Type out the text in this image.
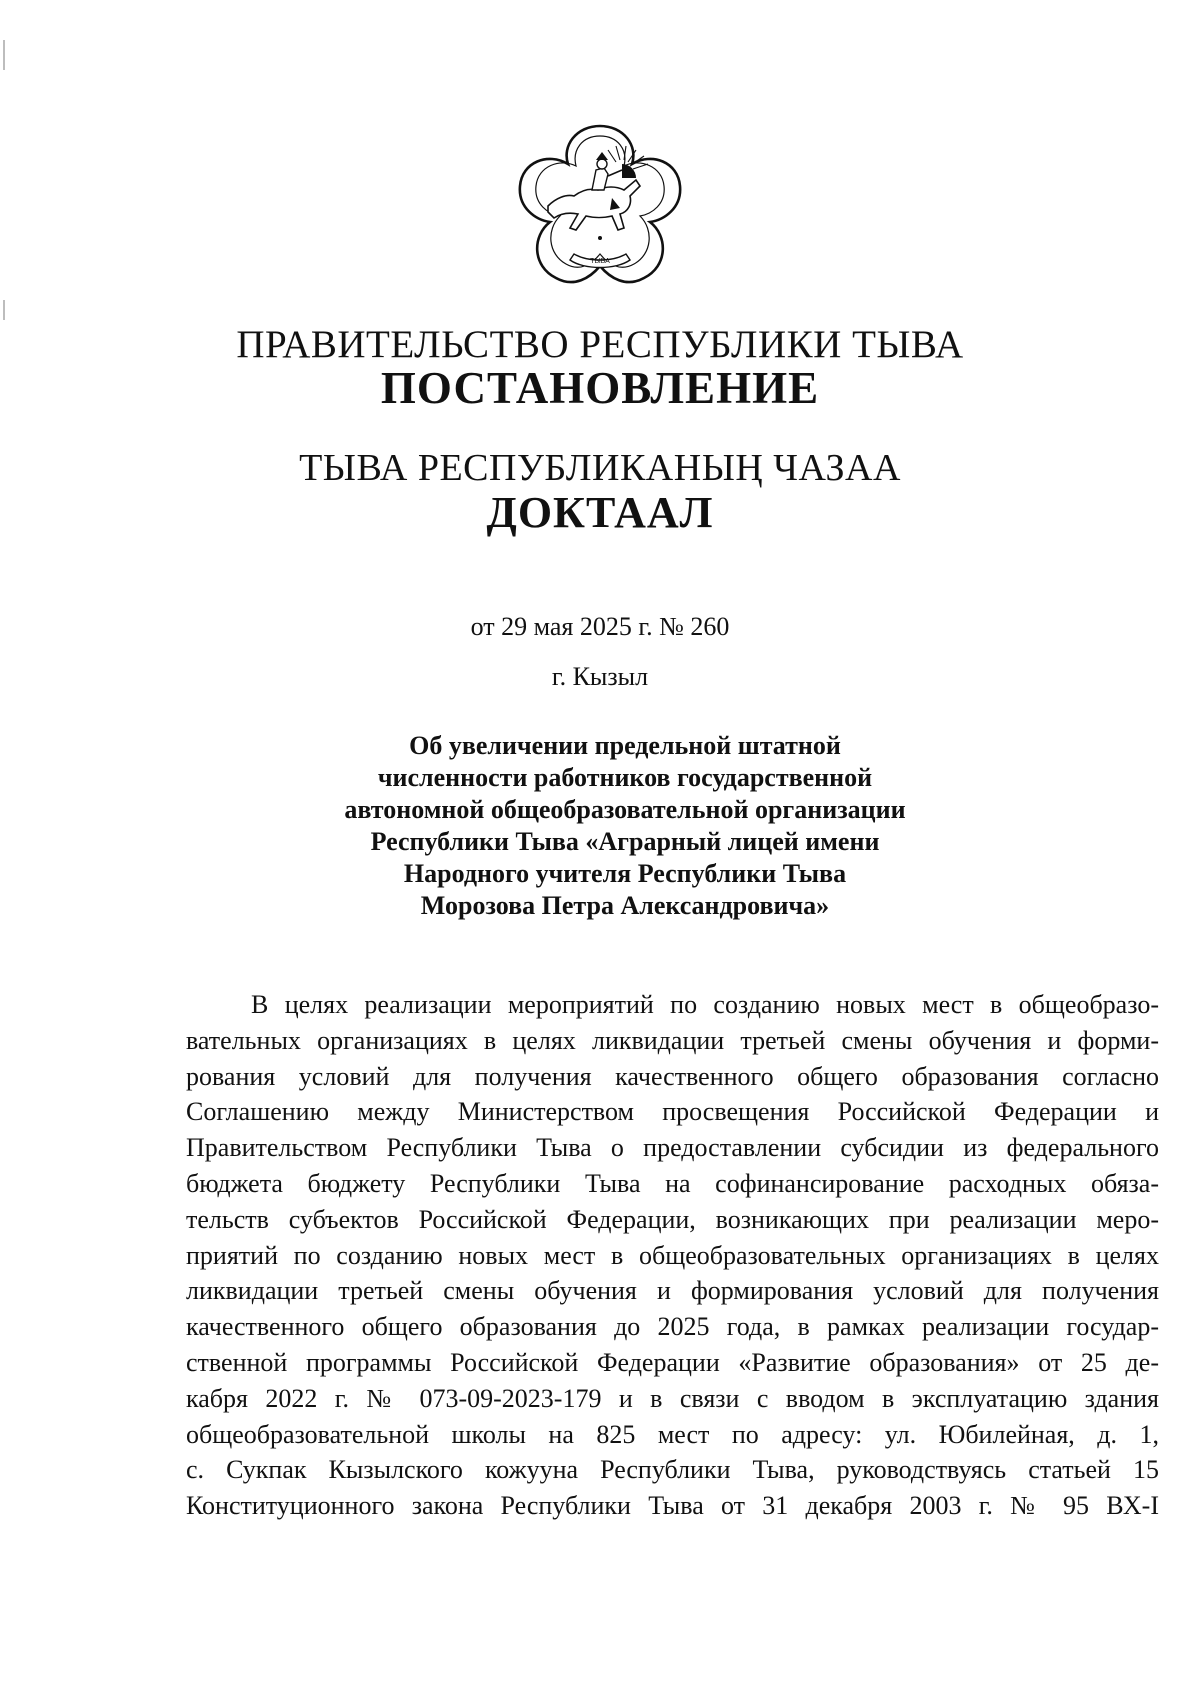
ТЫВА
ПРАВИТЕЛЬСТВО РЕСПУБЛИКИ ТЫВА
ПОСТАНОВЛЕНИЕ
ТЫВА РЕСПУБЛИКАНЫҢ ЧАЗАА
ДОКТААЛ
от 29 мая 2025 г. № 260
г. Кызыл
Об увеличении предельной штатной
численности работников государственной
автономной общеобразовательной организации
Республики Тыва «Аграрный лицей имени
Народного учителя Республики Тыва
Морозова Петра Александровича»
В целях реализации мероприятий по созданию новых мест в общеобразо-
вательных организациях в целях ликвидации третьей смены обучения и форми-
рования условий для получения качественного общего образования согласно
Соглашению между Министерством просвещения Российской Федерации и
Правительством Республики Тыва о предоставлении субсидии из федерального
бюджета бюджету Республики Тыва на софинансирование расходных обяза-
тельств субъектов Российской Федерации, возникающих при реализации меро-
приятий по созданию новых мест в общеобразовательных организациях в целях
ликвидации третьей смены обучения и формирования условий для получения
качественного общего образования до 2025 года, в рамках реализации государ-
ственной программы Российской Федерации «Развитие образования» от 25 де-
кабря 2022 г. № 073-09-2023-179 и в связи с вводом в эксплуатацию здания
общеобразовательной школы на 825 мест по адресу: ул. Юбилейная, д. 1,
с. Сукпак Кызылского кожууна Республики Тыва, руководствуясь статьей 15
Конституционного закона Республики Тыва от 31 декабря 2003 г. № 95 ВХ-I
